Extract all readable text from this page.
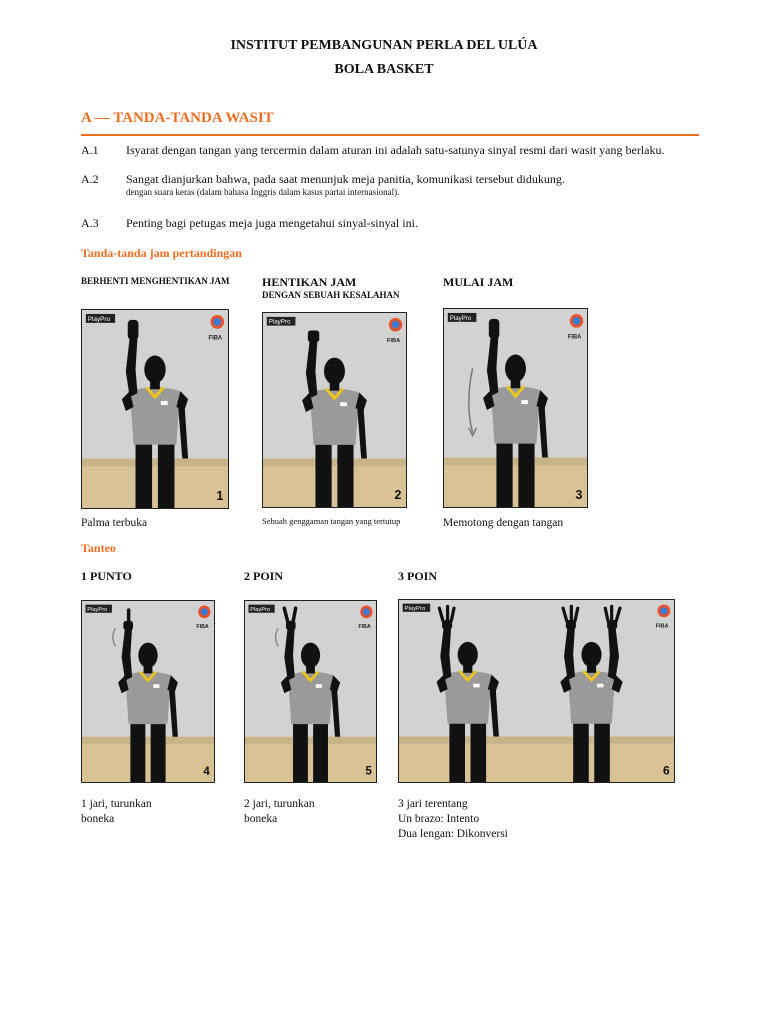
INSTITUT PEMBANGUNAN PERLA DEL ULÚA
BOLA BASKET
A — TANDA-TANDA WASIT
A.1 Isyarat dengan tangan yang tercermin dalam aturan ini adalah satu-satunya sinyal resmi dari wasit yang berlaku.
A.2 Sangat dianjurkan bahwa, pada saat menunjuk meja panitia, komunikasi tersebut didukung.
dengan suara keras (dalam bahasa Inggris dalam kasus partai internasional).
A.3 Penting bagi petugas meja juga mengetahui sinyal-sinyal ini.
Tanda-tanda jam pertandingan
BERHENTI MENGHENTIKAN JAM	HENTIKAN JAM
DENGAN SEBUAH KESALAHAN
MULAI JAM
PlayPro
FIBA
1
PlayPro
FIBA
2
PlayPro
FIBA
3
Palma terbuka	Sebuah genggaman tangan yang tertutup	Memotong dengan tangan
Tanteo
1 PUNTO	2 POIN	3 POIN
PlayPro
FIBA
4
PlayPro
FIBA
5
PlayPro
FIBA
6
1 jari, turunkan
boneka
2 jari, turunkan
boneka
3 jari terentang
Un brazo: Intento
Dua lengan: Dikonversi
